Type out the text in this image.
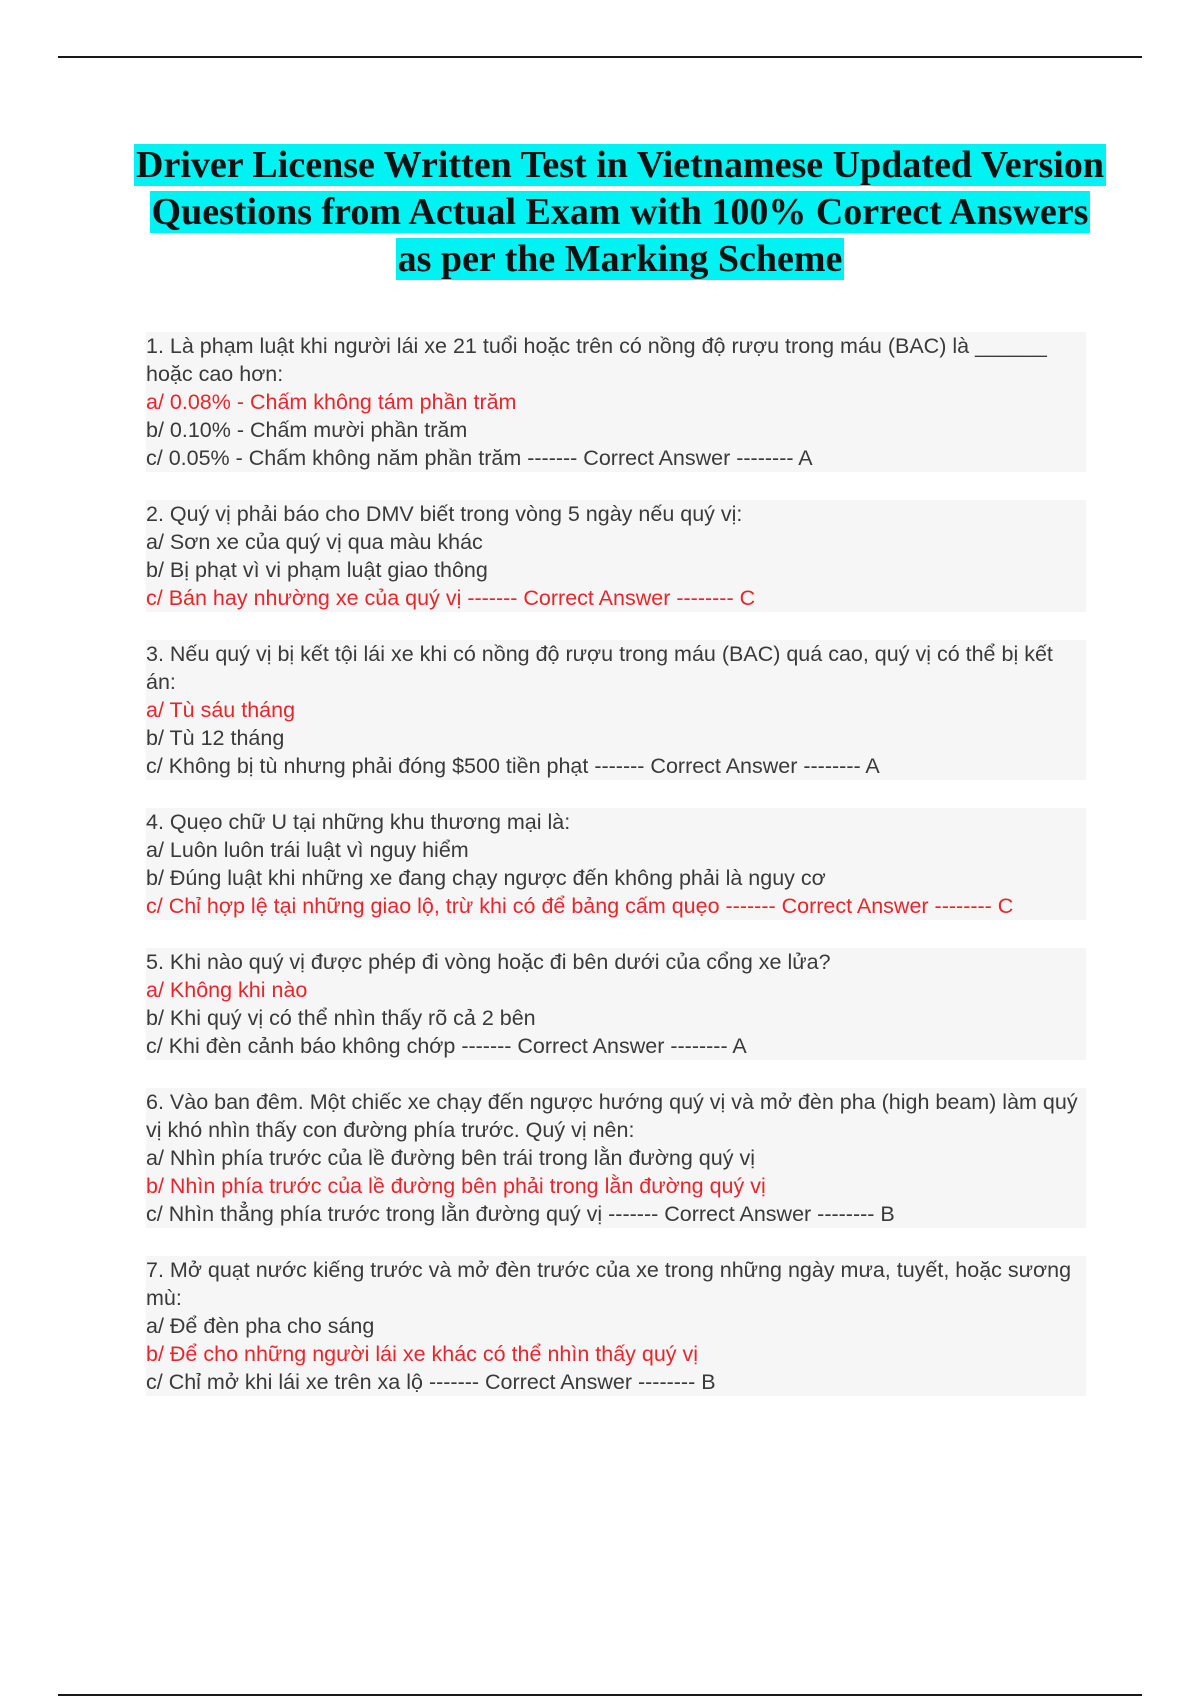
Driver License Written Test in Vietnamese Updated Version Questions from Actual Exam with 100% Correct Answers as per the Marking Scheme
1. Là phạm luật khi người lái xe 21 tuổi hoặc trên có nồng độ rượu trong máu (BAC) là ______ hoặc cao hơn:
a/ 0.08% - Chấm không tám phần trăm
b/ 0.10% - Chấm mười phần trăm
c/ 0.05% - Chấm không năm phần trăm ------- Correct Answer -------- A
2. Quý vị phải báo cho DMV biết trong vòng 5 ngày nếu quý vị:
a/ Sơn xe của quý vị qua màu khác
b/ Bị phạt vì vi phạm luật giao thông
c/ Bán hay nhường xe của quý vị ------- Correct Answer -------- C
3. Nếu quý vị bị kết tội lái xe khi có nồng độ rượu trong máu (BAC) quá cao, quý vị có thể bị kết án:
a/ Tù sáu tháng
b/ Tù 12 tháng
c/ Không bị tù nhưng phải đóng $500 tiền phạt ------- Correct Answer -------- A
4. Quẹo chữ U tại những khu thương mại là:
a/ Luôn luôn trái luật vì nguy hiểm
b/ Đúng luật khi những xe đang chạy ngược đến không phải là nguy cơ
c/ Chỉ hợp lệ tại những giao lộ, trừ khi có để bảng cấm quẹo ------- Correct Answer -------- C
5. Khi nào quý vị được phép đi vòng hoặc đi bên dưới của cổng xe lửa?
a/ Không khi nào
b/ Khi quý vị có thể nhìn thấy rõ cả 2 bên
c/ Khi đèn cảnh báo không chớp ------- Correct Answer -------- A
6. Vào ban đêm. Một chiếc xe chạy đến ngược hướng quý vị và mở đèn pha (high beam) làm quý vị khó nhìn thấy con đường phía trước. Quý vị nên:
a/ Nhìn phía trước của lề đường bên trái trong lằn đường quý vị
b/ Nhìn phía trước của lề đường bên phải trong lằn đường quý vị
c/ Nhìn thẳng phía trước trong lằn đường quý vị ------- Correct Answer -------- B
7. Mở quạt nước kiếng trước và mở đèn trước của xe trong những ngày mưa, tuyết, hoặc sương mù:
a/ Để đèn pha cho sáng
b/ Để cho những người lái xe khác có thể nhìn thấy quý vị
c/ Chỉ mở khi lái xe trên xa lộ ------- Correct Answer -------- B
